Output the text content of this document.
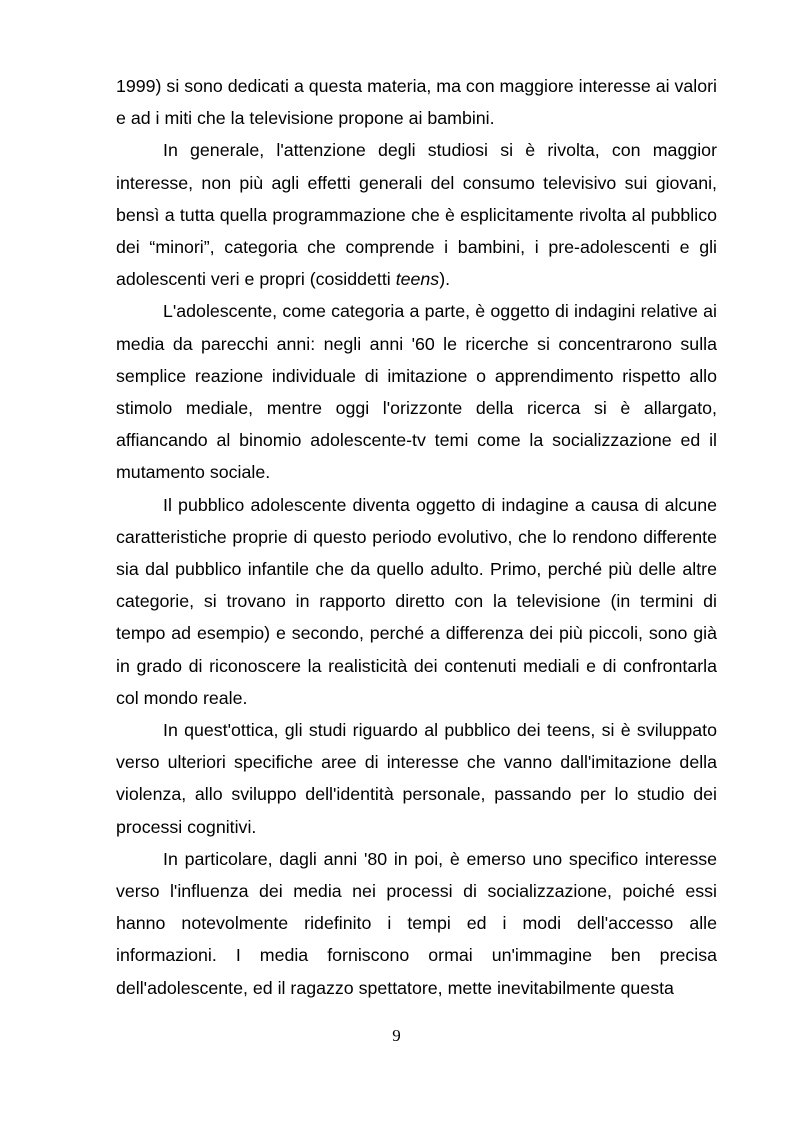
1999) si sono dedicati a questa materia, ma con maggiore interesse ai valori e ad i miti che la televisione propone ai bambini.

In generale, l'attenzione degli studiosi si è rivolta, con maggior interesse, non più agli effetti generali del consumo televisivo sui giovani, bensì a tutta quella programmazione che è esplicitamente rivolta al pubblico dei “minori”, categoria che comprende i bambini, i pre-adolescenti e gli adolescenti veri e propri (cosiddetti teens).

L'adolescente, come categoria a parte, è oggetto di indagini relative ai media da parecchi anni: negli anni '60 le ricerche si concentrarono sulla semplice reazione individuale di imitazione o apprendimento rispetto allo stimolo mediale, mentre oggi l'orizzonte della ricerca si è allargato, affiancando al binomio adolescente-tv temi come la socializzazione ed il mutamento sociale.

Il pubblico adolescente diventa oggetto di indagine a causa di alcune caratteristiche proprie di questo periodo evolutivo, che lo rendono differente sia dal pubblico infantile che da quello adulto. Primo, perché più delle altre categorie, si trovano in rapporto diretto con la televisione (in termini di tempo ad esempio) e secondo, perché a differenza dei più piccoli, sono già in grado di riconoscere la realisticità dei contenuti mediali e di confrontarla col mondo reale.

In quest'ottica, gli studi riguardo al pubblico dei teens, si è sviluppato verso ulteriori specifiche aree di interesse che vanno dall'imitazione della violenza, allo sviluppo dell'identità personale, passando per lo studio dei processi cognitivi.

In particolare, dagli anni '80 in poi, è emerso uno specifico interesse verso l'influenza dei media nei processi di socializzazione, poiché essi hanno notevolmente ridefinito i tempi ed i modi dell'accesso alle informazioni. I media forniscono ormai un'immagine ben precisa dell'adolescente, ed il ragazzo spettatore, mette inevitabilmente questa

9
